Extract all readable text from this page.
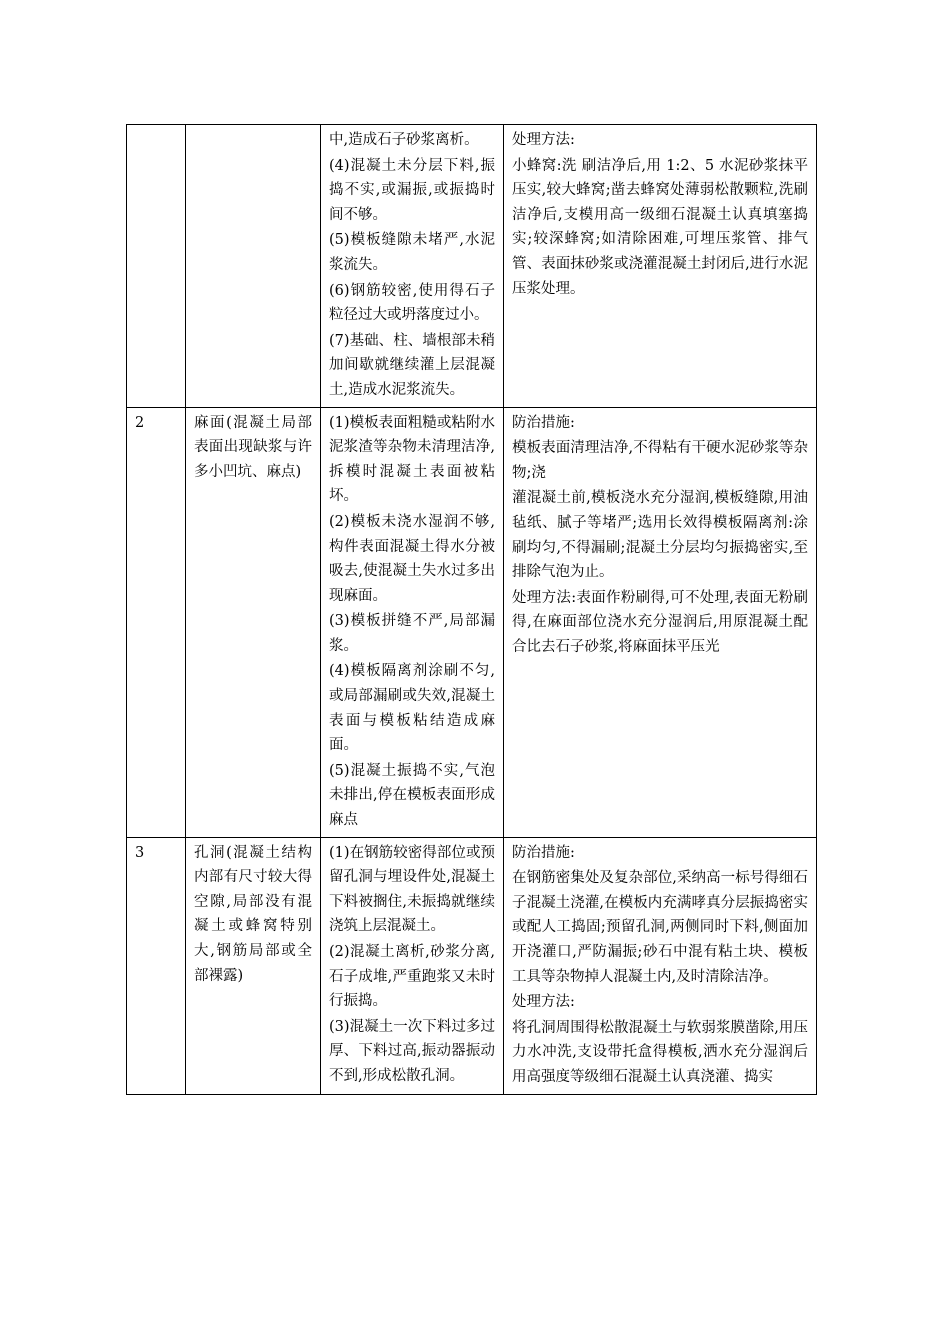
		中,造成石子砂浆离析。
(4)混凝土未分层下料,振捣不实,或漏振,或振捣时间不够。
(5)模板缝隙未堵严,水泥浆流失。
(6)钢筋较密,使用得石子粒径过大或坍落度过小。
(7)基础、柱、墙根部未稍加间歇就继续灌上层混凝土,造成水泥浆流失。	处理方法:
小蜂窝:洗 刷洁净后,用 1:2、5 水泥砂浆抹平压实,较大蜂窝;凿去蜂窝处薄弱松散颗粒,洗刷洁净后,支模用高一级细石混凝土认真填塞捣实;较深蜂窝;如清除困难,可埋压浆管、排气管、表面抹砂浆或浇灌混凝土封闭后,进行水泥压浆处理。

2	麻面(混凝土局部表面出现缺浆与许多小凹坑、麻点)	(1)模板表面粗糙或粘附水泥浆渣等杂物未清理洁净,拆模时混凝土表面被粘坏。
(2)模板未浇水湿润不够,构件表面混凝土得水分被吸去,使混凝土失水过多出现麻面。
(3)模板拼缝不严,局部漏浆。
(4)模板隔离剂涂刷不匀,或局部漏刷或失效,混凝土表面与模板粘结造成麻面。
(5)混凝土振捣不实,气泡未排出,停在模板表面形成麻点	防治措施:
模板表面清理洁净,不得粘有干硬水泥砂浆等杂物;浇
灌混凝土前,模板浇水充分湿润,模板缝隙,用油毡纸、腻子等堵严;选用长效得模板隔离剂:涂刷均匀,不得漏刷;混凝土分层均匀振捣密实,至排除气泡为止。
处理方法:表面作粉刷得,可不处理,表面无粉刷得,在麻面部位浇水充分湿润后,用原混凝土配合比去石子砂浆,将麻面抹平压光

3	孔洞(混凝土结构内部有尺寸较大得空隙,局部没有混凝土或蜂窝特别大,钢筋局部或全部裸露)	(1)在钢筋较密得部位或预留孔洞与埋设件处,混凝土下料被搁住,未振捣就继续浇筑上层混凝土。
(2)混凝土离析,砂浆分离,石子成堆,严重跑浆又未时行振捣。
(3)混凝土一次下料过多过厚、下料过高,振动器振动不到,形成松散孔洞。	防治措施:
在钢筋密集处及复杂部位,采纳高一标号得细石子混凝土浇灌,在模板内充满哮真分层振捣密实或配人工捣固;预留孔洞,两侧同时下料,侧面加开浇灌口,严防漏振;砂石中混有粘土块、模板工具等杂物掉人混凝土内,及时清除洁净。
处理方法:
将孔洞周围得松散混凝土与软弱浆膜凿除,用压力水冲洗,支设带托盒得模板,洒水充分湿润后用高强度等级细石混凝土认真浇灌、捣实
